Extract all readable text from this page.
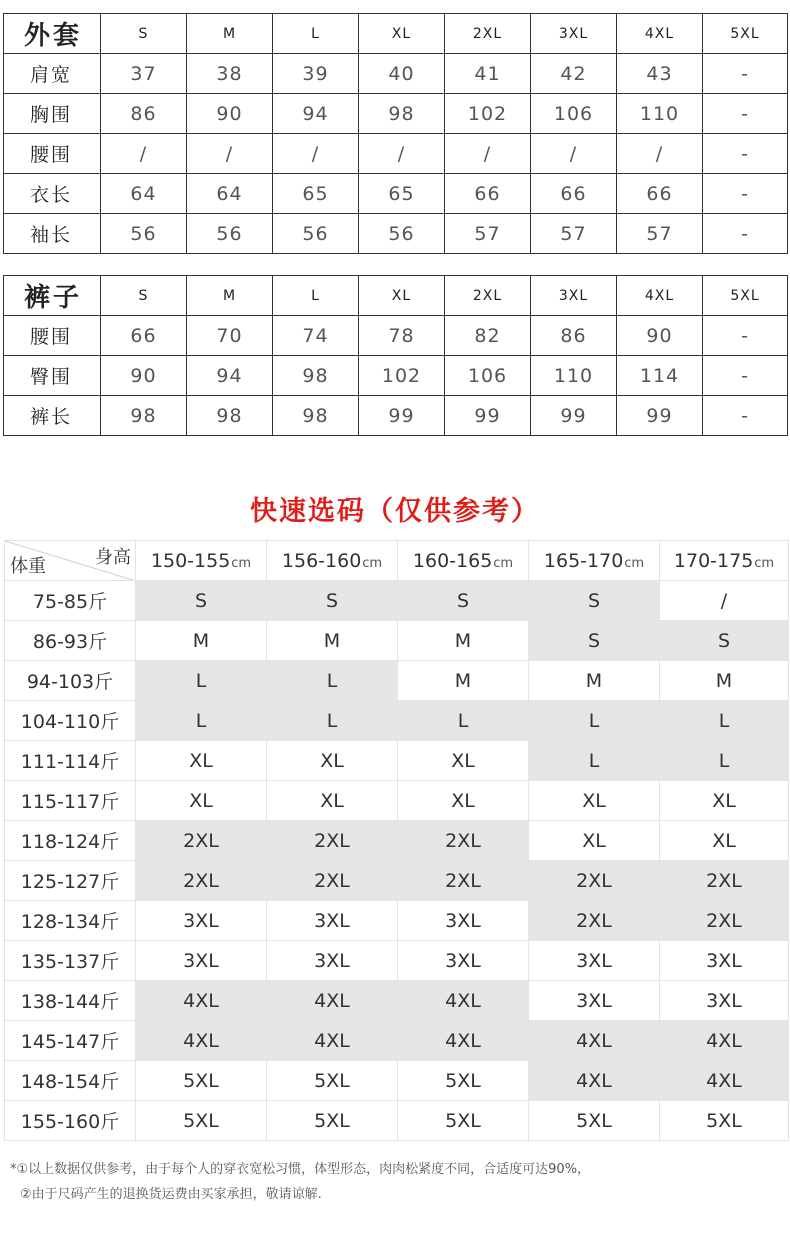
外套	S	M	L	XL	2XL	3XL	4XL	5XL
肩宽	37	38	39	40	41	42	43	-
胸围	86	90	94	98	102	106	110	-
腰围	/	/	/	/	/	/	/	-
衣长	64	64	65	65	66	66	66	-
袖长	56	56	56	56	57	57	57	-
裤子	S	M	L	XL	2XL	3XL	4XL	5XL
腰围	66	70	74	78	82	86	90	-
臀围	90	94	98	102	106	110	114	-
裤长	98	98	98	99	99	99	99	-
快速选码（仅供参考）
身高
体重	150-155cm	156-160cm	160-165cm	165-170cm	170-175cm
75-85斤	S	S	S	S	/
86-93斤	M	M	M	S	S
94-103斤	L	L	M	M	M
104-110斤	L	L	L	L	L
111-114斤	XL	XL	XL	L	L
115-117斤	XL	XL	XL	XL	XL
118-124斤	2XL	2XL	2XL	XL	XL
125-127斤	2XL	2XL	2XL	2XL	2XL
128-134斤	3XL	3XL	3XL	2XL	2XL
135-137斤	3XL	3XL	3XL	3XL	3XL
138-144斤	4XL	4XL	4XL	3XL	3XL
145-147斤	4XL	4XL	4XL	4XL	4XL
148-154斤	5XL	5XL	5XL	4XL	4XL
155-160斤	5XL	5XL	5XL	5XL	5XL
*①以上数据仅供参考，由于每个人的穿衣宽松习惯，体型形态，肉肉松紧度不同，合适度可达90%，
②由于尺码产生的退换货运费由买家承担，敬请谅解.
